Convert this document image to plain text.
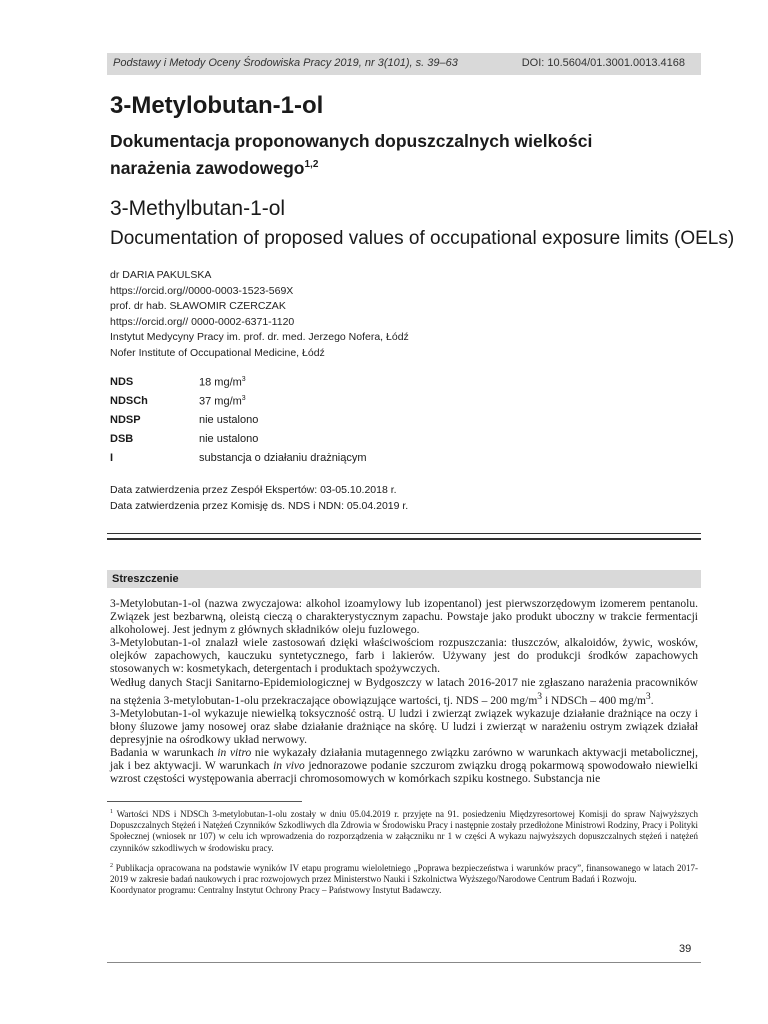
Podstawy i Metody Oceny Środowiska Pracy 2019, nr 3(101), s. 39–63	DOI: 10.5604/01.3001.0013.4168
3-Metylobutan-1-ol
Dokumentacja proponowanych dopuszczalnych wielkości narażenia zawodowego$^{1,2}$
3-Methylbutan-1-ol
Documentation of proposed values of occupational exposure limits (OELs)
dr DARIA PAKULSKA
https://orcid.org//0000-0003-1523-569X
prof. dr hab. SŁAWOMIR CZERCZAK
https://orcid.org// 0000-0002-6371-1120
Instytut Medycyny Pracy im. prof. dr. med. Jerzego Nofera, Łódź
Nofer Institute of Occupational Medicine, Łódź
NDS	18 $mg/m^3$
NDSCh	37 $mg/m^3$
NDSP	nie ustalono
DSB	nie ustalono
I	substancja o działaniu drażniącym
Data zatwierdzenia przez Zespół Ekspertów: 03-05.10.2018 r.
Data zatwierdzenia przez Komisję ds. NDS i NDN: 05.04.2019 r.
Streszczenie

3-Metylobutan-1-ol (nazwa zwyczajowa: alkohol izoamylowy lub izopentanol) jest pierwszorzędowym izomerem pentanolu. Związek jest bezbarwną, oleistą cieczą o charakterystycznym zapachu. Powstaje jako produkt uboczny w trakcie fermentacji alkoholowej. Jest jednym z głównych składników oleju fuzlowego.

3-Metylobutan-1-ol znalazł wiele zastosowań dzięki właściwościom rozpuszczania: tłuszczów, alkaloidów, żywic, wosków, olejków zapachowych, kauczuku syntetycznego, farb i lakierów. Używany jest do produkcji środków zapachowych stosowanych w: kosmetykach, detergentach i produktach spożywczych.

Według danych Stacji Sanitarno-Epidemiologicznej w Bydgoszczy w latach 2016-2017 nie zgłaszano narażenia pracowników na stężenia 3-metylobutan-1-olu przekraczające obowiązujące wartości, tj. NDS – 200 $mg/m^3$ i NDSCh – 400 $mg/m^3$.

3-Metylobutan-1-ol wykazuje niewielką toksyczność ostrą. U ludzi i zwierząt związek wykazuje działanie drażniące na oczy i błony śluzowe jamy nosowej oraz słabe działanie drażniące na skórę. U ludzi i zwierząt w narażeniu ostrym związek działał depresyjnie na ośrodkowy układ nerwowy.

Badania w warunkach in vitro nie wykazały działania mutagennego związku zarówno w warunkach aktywacji metabolicznej, jak i bez aktywacji. W warunkach in vivo jednorazowe podanie szczurom związku drogą pokarmową spowodowało niewielki wzrost częstości występowania aberracji chromosomowych w komórkach szpiku kostnego. Substancja nie

$^1$ Wartości NDS i NDSCh 3-metylobutan-1-olu zostały w dniu 05.04.2019 r. przyjęte na 91. posiedzeniu Międzyresortowej Komisji do spraw Najwyższych Dopuszczalnych Stężeń i Natężeń Czynników Szkodliwych dla Zdrowia w Środowisku Pracy i następnie zostały przedłożone Ministrowi Rodziny, Pracy i Polityki Społecznej (wniosek nr 107) w celu ich wprowadzenia do rozporządzenia w załączniku nr 1 w części A wykazu najwyższych dopuszczalnych stężeń i natężeń czynników szkodliwych w środowisku pracy.

$^2$ Publikacja opracowana na podstawie wyników IV etapu programu wieloletniego „Poprawa bezpieczeństwa i warunków pracy”, finansowanego w latach 2017-2019 w zakresie badań naukowych i prac rozwojowych przez Ministerstwo Nauki i Szkolnictwa Wyższego/Narodowe Centrum Badań i Rozwoju.

Koordynator programu: Centralny Instytut Ochrony Pracy – Państwowy Instytut Badawczy.

39
